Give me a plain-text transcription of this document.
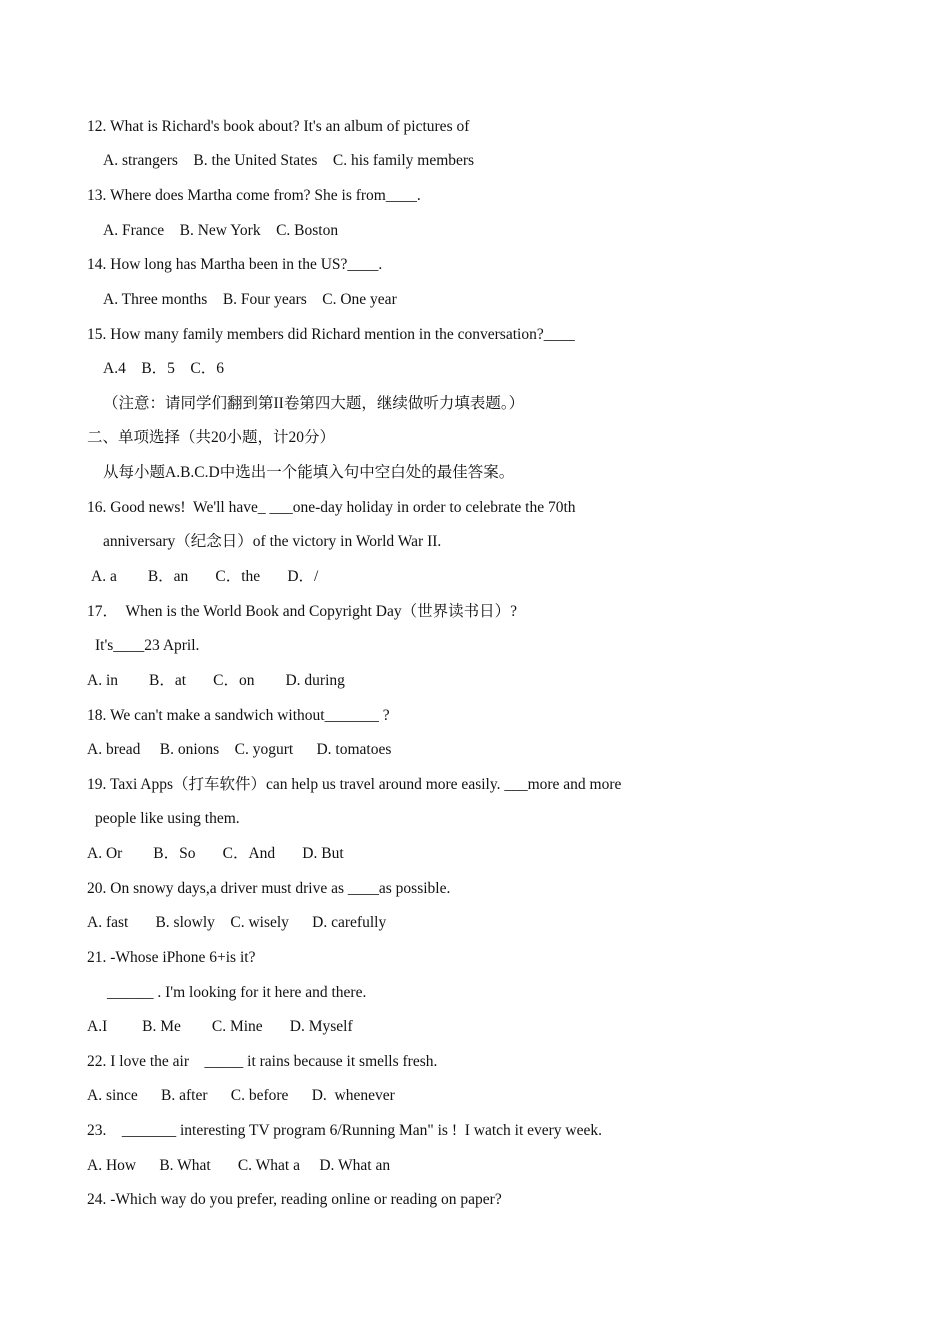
12. What is Richard's book about? It's an album of pictures of
A. strangers    B. the United States    C. his family members
13. Where does Martha come from? She is from____.
A. France    B. New York    C. Boston
14. How long has Martha been in the US?____.
A. Three months    B. Four years    C. One year
15. How many family members did Richard mention in the conversation?____
A.4    B．5    C．6
（注意：请同学们翻到第II卷第四大题，继续做听力填表题。）
二、单项选择（共20小题，计20分）
从每小题A.B.C.D中选出一个能填入句中空白处的最佳答案。
16. Good news!  We'll have_ ___one-day holiday in order to celebrate the 70th
anniversary（纪念日）of the victory in World War II.
A. a        B．an       C．the       D．/
17．  When is the World Book and Copyright Day（世界读书日）?
It's____23 April.
A. in        B．at       C．on        D. during
18. We can't make a sandwich without_______ ?
A. bread     B. onions    C. yogurt      D. tomatoes
19. Taxi Apps（打车软件）can help us travel around more easily. ___more and more
people like using them.
A. Or        B．So       C．And       D. But
20. On snowy days,a driver must drive as ____as possible.
A. fast       B. slowly    C. wisely      D. carefully
21. -Whose iPhone 6+is it?
______ . I'm looking for it here and there.
A.I         B. Me        C. Mine       D. Myself
22. I love the air    _____ it rains because it smells fresh.
A. since      B. after      C. before      D.  whenever
23.    _______ interesting TV program 6/Running Man" is !  I watch it every week.
A. How      B. What       C. What a     D. What an
24. -Which way do you prefer, reading online or reading on paper?
